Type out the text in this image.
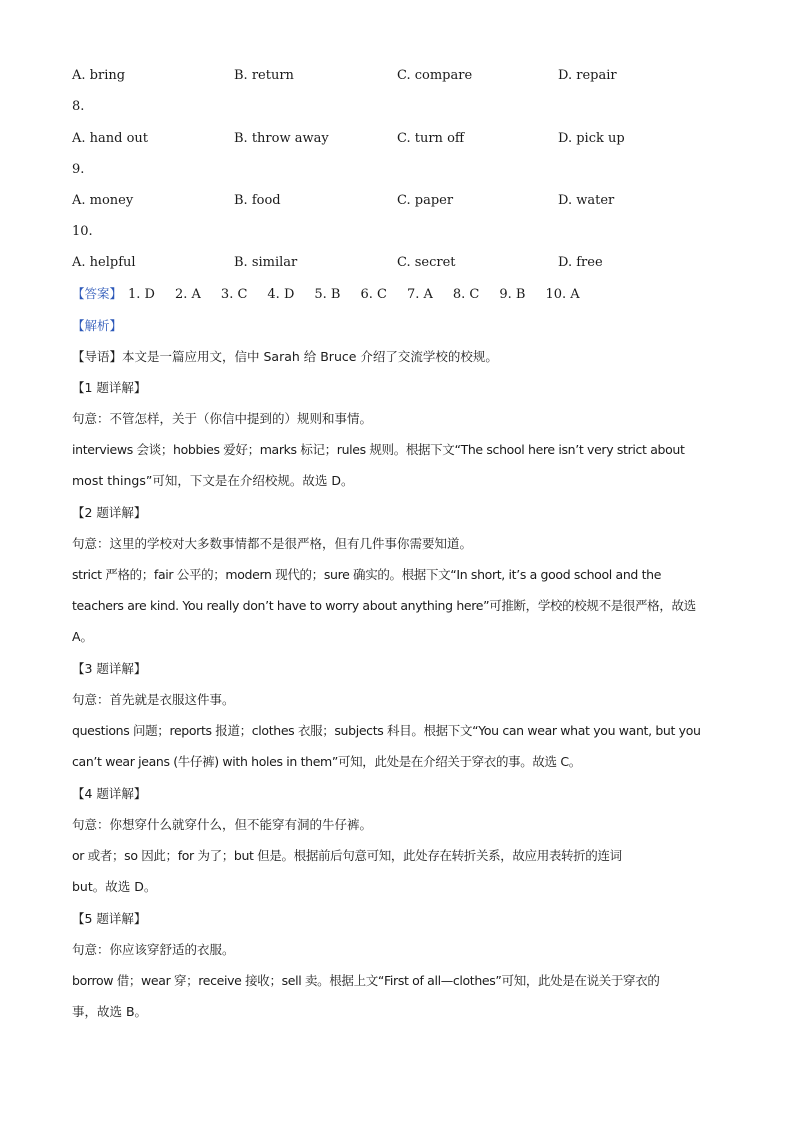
A. bring	B. return	C. compare	D. repair
8.
A. hand out	B. throw away	C. turn off	D. pick up
9.
A. money	B. food	C. paper	D. water
10.
A. helpful	B. similar	C. secret	D. free
【答案】 1. D 2. A 3. C 4. D 5. B 6. C 7. A 8. C 9. B 10. A
【解析】
【导语】本文是一篇应用文，信中 Sarah 给 Bruce 介绍了交流学校的校规。
【1 题详解】
句意：不管怎样，关于（你信中提到的）规则和事情。
interviews 会谈；hobbies 爱好；marks 标记；rules 规则。根据下文“The school here isn’t very strict about
most things”可知，下文是在介绍校规。故选 D。
【2 题详解】
句意：这里的学校对大多数事情都不是很严格，但有几件事你需要知道。
strict 严格的；fair 公平的；modern 现代的；sure 确实的。根据下文“In short, it’s a good school and the
teachers are kind. You really don’t have to worry about anything here”可推断，学校的校规不是很严格，故选
A。
【3 题详解】
句意：首先就是衣服这件事。
questions 问题；reports 报道；clothes 衣服；subjects 科目。根据下文“You can wear what you want, but you
can’t wear jeans (牛仔裤) with holes in them”可知，此处是在介绍关于穿衣的事。故选 C。
【4 题详解】
句意：你想穿什么就穿什么，但不能穿有洞的牛仔裤。
or 或者；so 因此；for 为了；but 但是。根据前后句意可知，此处存在转折关系，故应用表转折的连词
but。故选 D。
【5 题详解】
句意：你应该穿舒适的衣服。
borrow 借；wear 穿；receive 接收；sell 卖。根据上文“First of all—clothes”可知，此处是在说关于穿衣的
事，故选 B。
